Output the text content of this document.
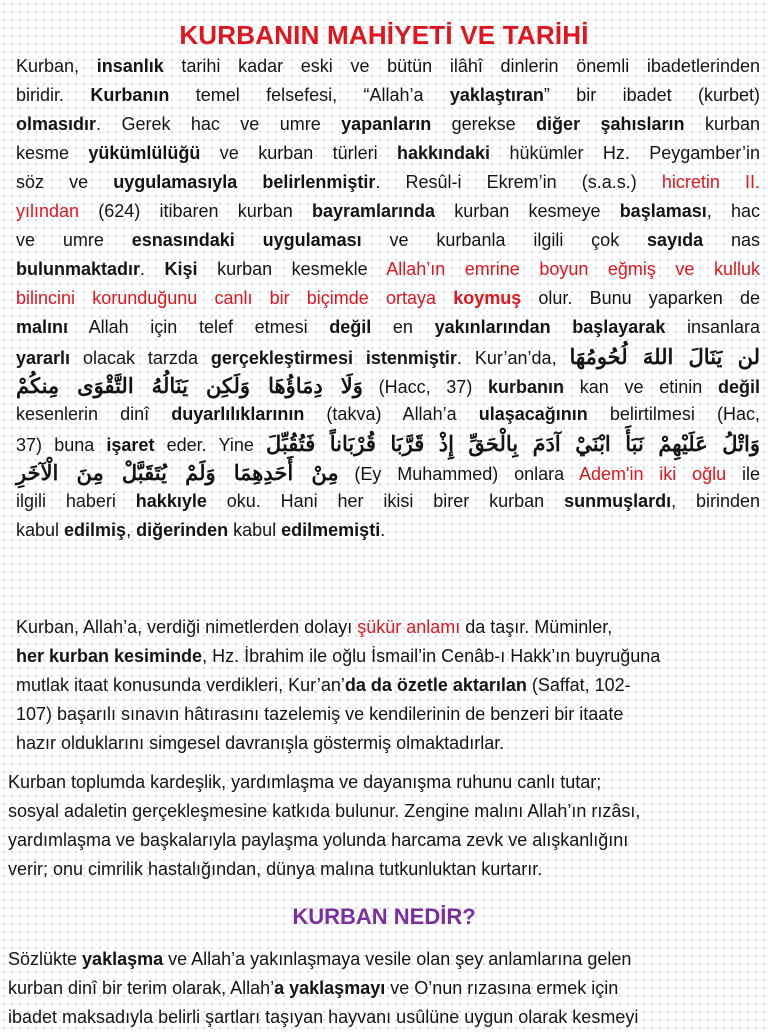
KURBANIN MAHİYETİ VE TARİHİ
Kurban, insanlık tarihi kadar eski ve bütün ilâhî dinlerin önemli ibadetlerinden
biridir. Kurbanın temel felsefesi, “Allah’a yaklaştıran” bir ibadet (kurbet)
olmasıdır. Gerek hac ve umre yapanların gerekse diğer şahısların kurban
kesme yükümlülüğü ve kurban türleri hakkındaki hükümler Hz. Peygamber’in
söz ve uygulamasıyla belirlenmiştir. Resûl-i Ekrem’in (s.a.s.) hicretin II.
yılından (624) itibaren kurban bayramlarında kurban kesmeye başlaması, hac
ve umre esnasındaki uygulaması ve kurbanla ilgili çok sayıda nas
bulunmaktadır. Kişi kurban kesmekle Allah’ın emrine boyun eğmiş ve kulluk
bilincini korunduğunu canlı bir biçimde ortaya koymuş olur. Bunu yaparken de
malını Allah için telef etmesi değil en yakınlarından başlayarak insanlara
yararlı olacak tarzda gerçekleştirmesi istenmiştir. Kur’an’da, لن يَنَالَ اللهَ لُحُومُهَا
وَلَا دِمَاؤُهَا وَلَكِن يَنَالُهُ التَّقْوَى مِنكُمْ (Hacc, 37) kurbanın kan ve etinin değil
kesenlerin dinî duyarlılıklarının (takva) Allah’a ulaşacağının belirtilmesi (Hac,
37) buna işaret eder. Yine وَاتْلُ عَلَيْهِمْ نَبَأَ ابْنَيْ آدَمَ بِالْحَقِّ إِذْ قَرَّبَا قُرْبَاناً فَتُقُبِّلَ
مِنْ أَحَدِهِمَا وَلَمْ يُتَقَبَّلْ مِنَ الْآخَرِ (Ey Muhammed) onlara Adem'in iki oğlu ile
ilgili haberi hakkıyle oku. Hani her ikisi birer kurban sunmuşlardı, birinden
kabul edilmiş, diğerinden kabul edilmemişti.
Kurban, Allah’a, verdiği nimetlerden dolayı şükür anlamı da taşır. Müminler,
her kurban kesiminde, Hz. İbrahim ile oğlu İsmail’in Cenâb-ı Hakk’ın buyruğuna
mutlak itaat konusunda verdikleri, Kur’an’da da özetle aktarılan (Saffat, 102-
107) başarılı sınavın hâtırasını tazelemiş ve kendilerinin de benzeri bir itaate
hazır olduklarını simgesel davranışla göstermiş olmaktadırlar.
Kurban toplumda kardeşlik, yardımlaşma ve dayanışma ruhunu canlı tutar;
sosyal adaletin gerçekleşmesine katkıda bulunur. Zengine malını Allah’ın rızâsı,
yardımlaşma ve başkalarıyla paylaşma yolunda harcama zevk ve alışkanlığını
verir; onu cimrilik hastalığından, dünya malına tutkunluktan kurtarır.
KURBAN NEDİR?
Sözlükte yaklaşma ve Allah’a yakınlaşmaya vesile olan şey anlamlarına gelen
kurban dinî bir terim olarak, Allah’a yaklaşmayı ve O’nun rızasına ermek için
ibadet maksadıyla belirli şartları taşıyan hayvanı usûlüne uygun olarak kesmeyi
